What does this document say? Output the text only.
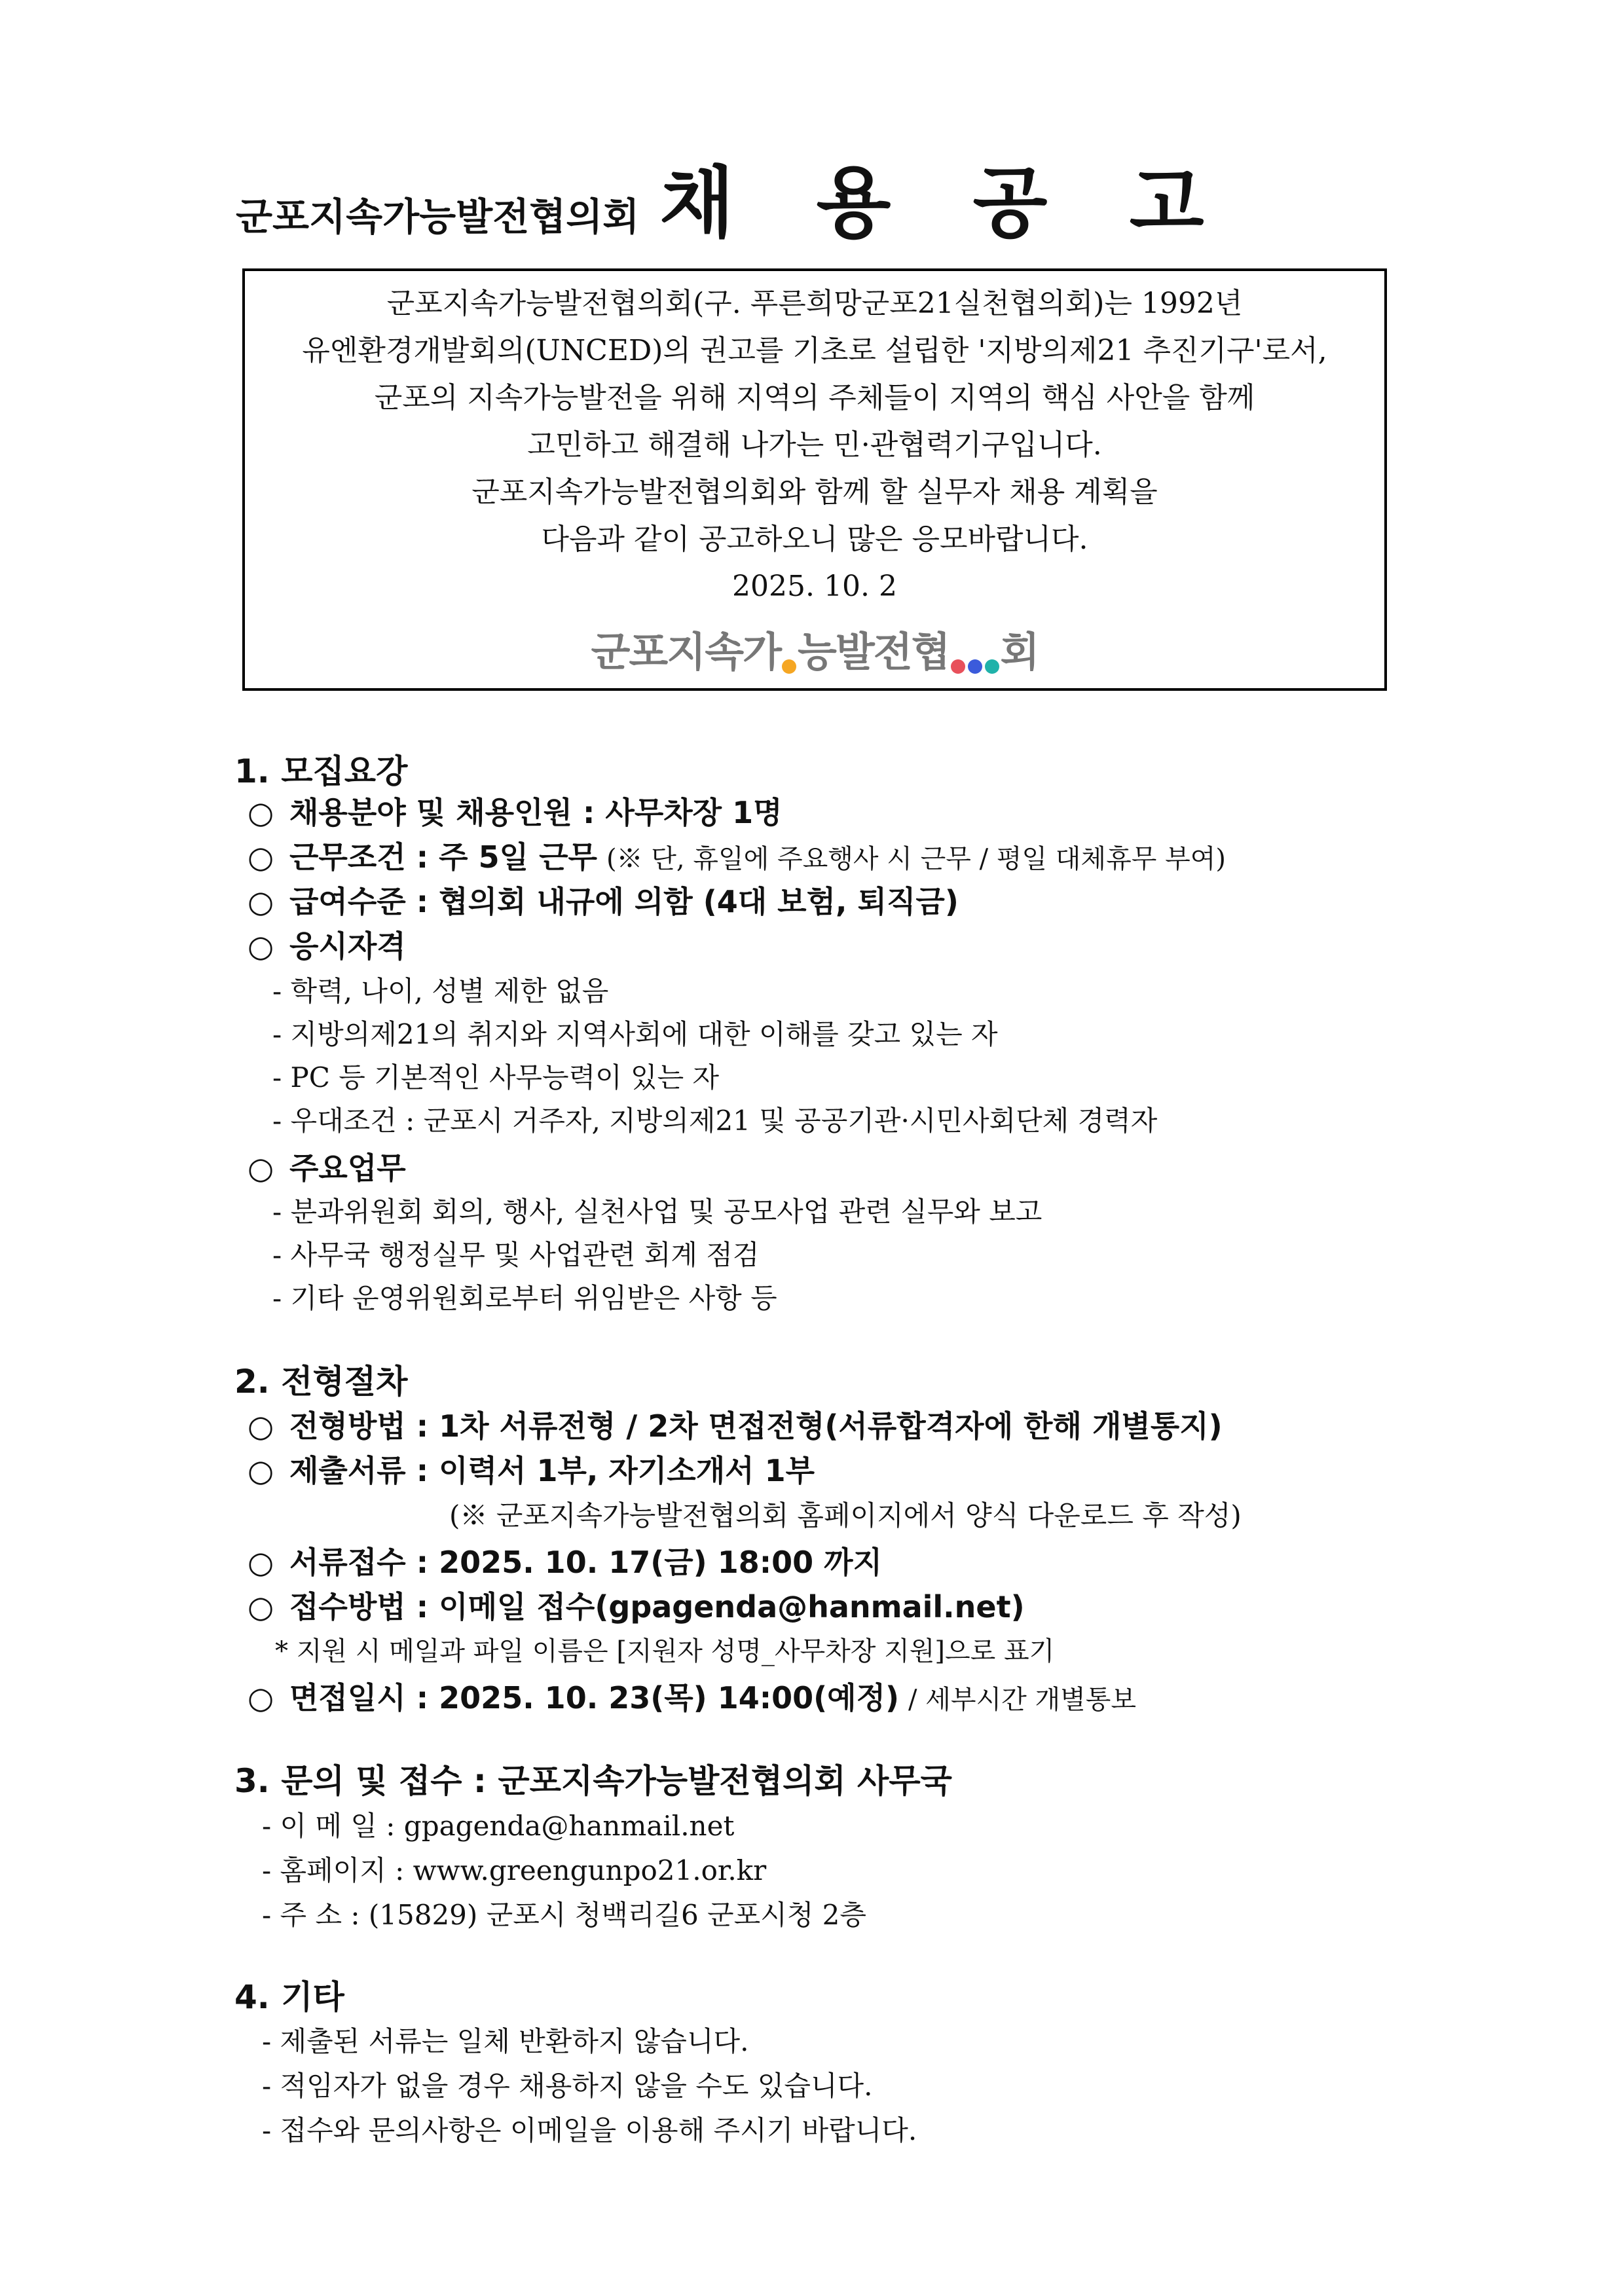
군포지속가능발전협의회 채 용 공 고
군포지속가능발전협의회(구. 푸른희망군포21실천협의회)는 1992년
유엔환경개발회의(UNCED)의 권고를 기초로 설립한 '지방의제21 추진기구'로서,
군포의 지속가능발전을 위해 지역의 주체들이 지역의 핵심 사안을 함께
고민하고 해결해 나가는 민·관협력기구입니다.
군포지속가능발전협의회와 함께 할 실무자 채용 계획을
다음과 같이 공고하오니 많은 응모바랍니다.
2025. 10. 2
군포지속가 능발전협 회
1. 모집요강
○ 채용분야 및 채용인원 : 사무차장 1명
○ 근무조건 : 주 5일 근무 (※ 단, 휴일에 주요행사 시 근무 / 평일 대체휴무 부여)
○ 급여수준 : 협의회 내규에 의함 (4대 보험, 퇴직금)
○ 응시자격
- 학력, 나이, 성별 제한 없음
- 지방의제21의 취지와 지역사회에 대한 이해를 갖고 있는 자
- PC 등 기본적인 사무능력이 있는 자
- 우대조건 : 군포시 거주자, 지방의제21 및 공공기관·시민사회단체 경력자
○ 주요업무
- 분과위원회 회의, 행사, 실천사업 및 공모사업 관련 실무와 보고
- 사무국 행정실무 및 사업관련 회계 점검
- 기타 운영위원회로부터 위임받은 사항 등
2. 전형절차
○ 전형방법 : 1차 서류전형 / 2차 면접전형(서류합격자에 한해 개별통지)
○ 제출서류 : 이력서 1부, 자기소개서 1부
(※ 군포지속가능발전협의회 홈페이지에서 양식 다운로드 후 작성)
○ 서류접수 : 2025. 10. 17(금) 18:00 까지
○ 접수방법 : 이메일 접수(gpagenda@hanmail.net)
* 지원 시 메일과 파일 이름은 [지원자 성명_사무차장 지원]으로 표기
○ 면접일시 : 2025. 10. 23(목) 14:00(예정) / 세부시간 개별통보
3. 문의 및 접수 : 군포지속가능발전협의회 사무국
- 이 메 일 : gpagenda@hanmail.net
- 홈페이지 : www.greengunpo21.or.kr
- 주 소 : (15829) 군포시 청백리길6 군포시청 2층
4. 기타
- 제출된 서류는 일체 반환하지 않습니다.
- 적임자가 없을 경우 채용하지 않을 수도 있습니다.
- 접수와 문의사항은 이메일을 이용해 주시기 바랍니다.
